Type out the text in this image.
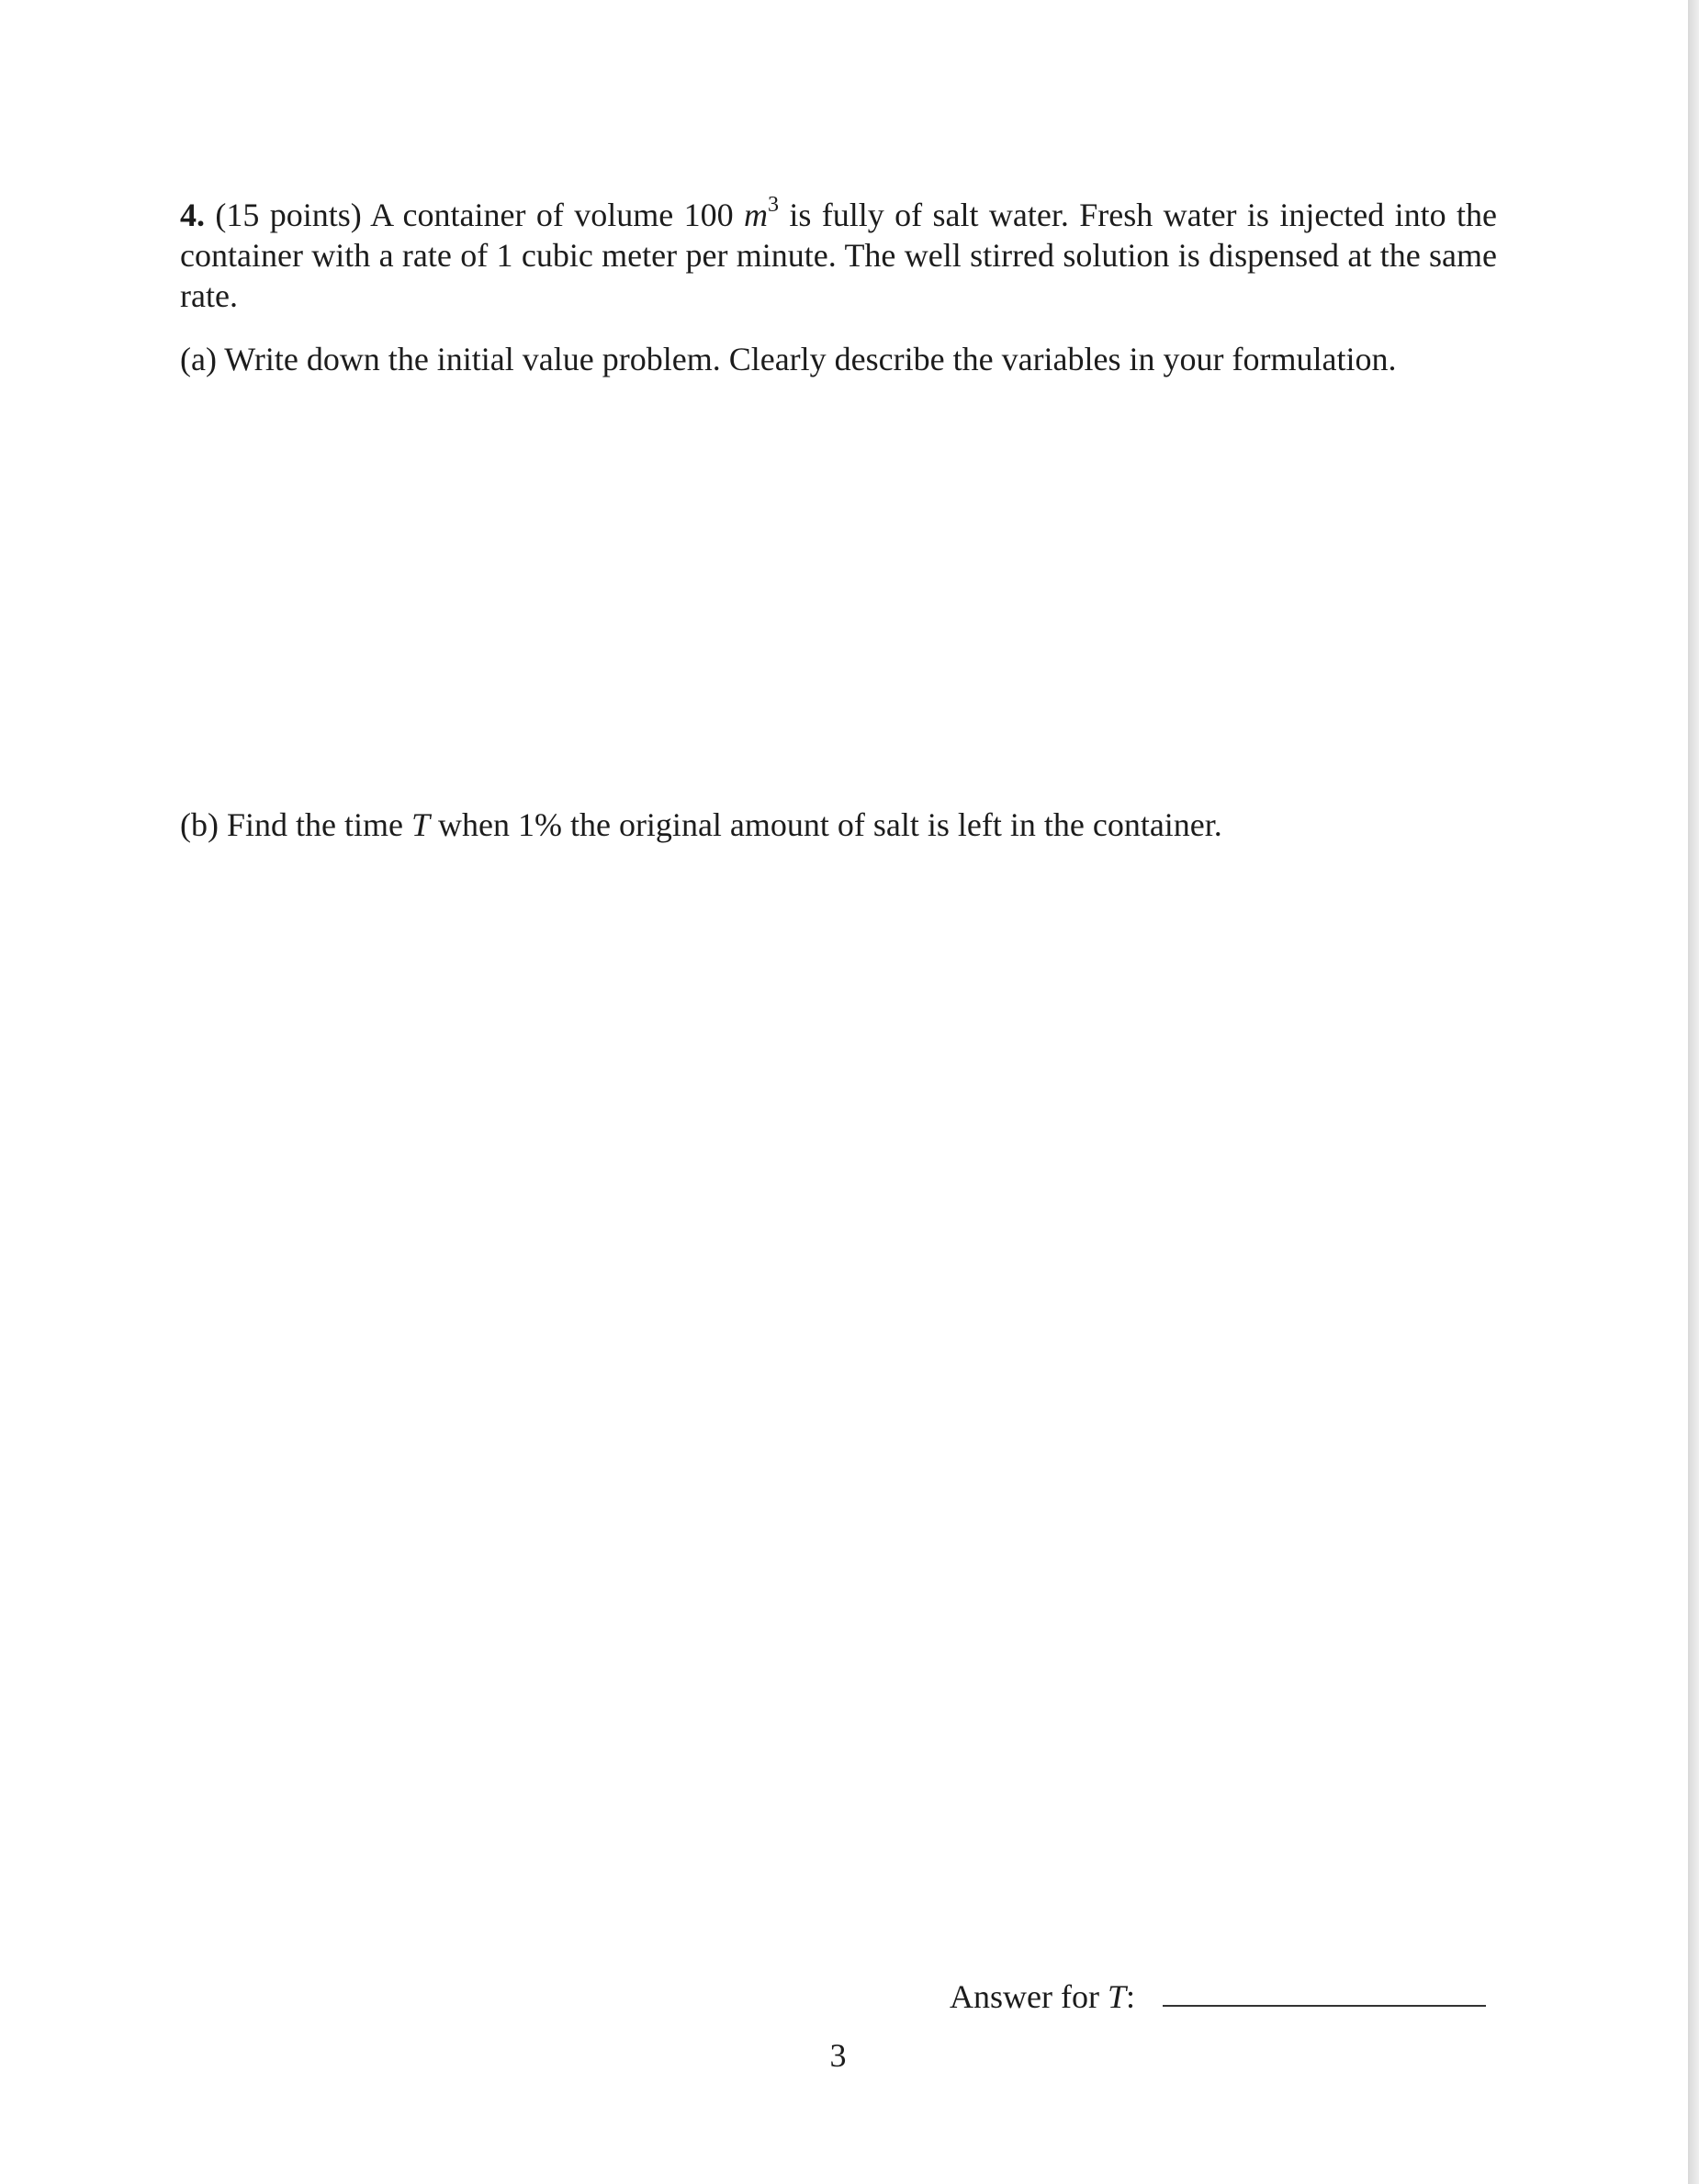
4. (15 points) A container of volume 100 $m^3$ is fully of salt water. Fresh water is injected into the container with a rate of 1 cubic meter per minute. The well stirred solution is dispensed at the same rate.

(a) Write down the initial value problem. Clearly describe the variables in your formulation.
(b) Find the time T when 1% the original amount of salt is left in the container.
Answer for T:
3
